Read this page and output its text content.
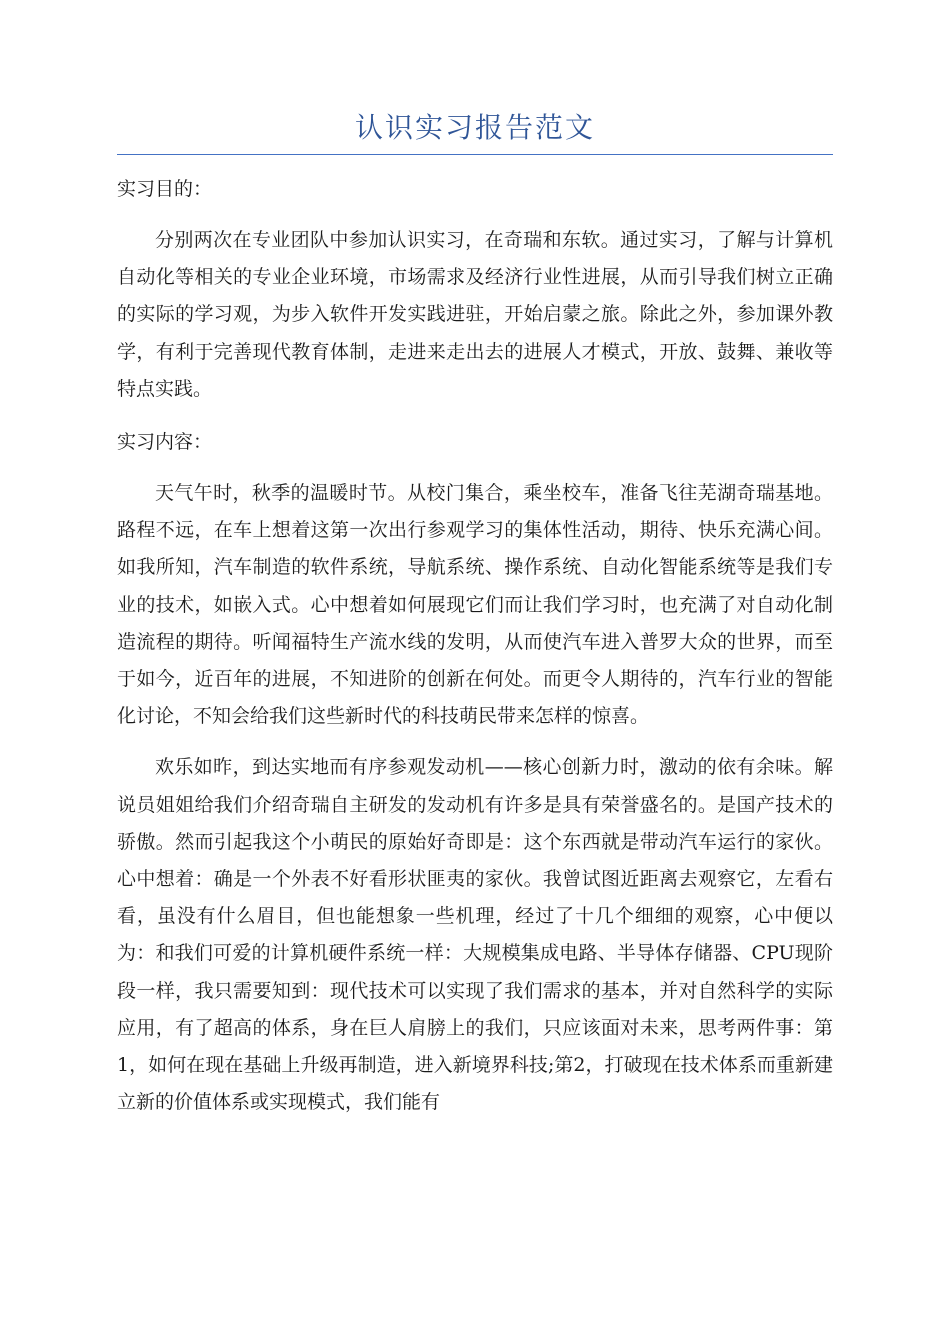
认识实习报告范文

实习目的：

分别两次在专业团队中参加认识实习，在奇瑞和东软。通过实习，了解与计算机自动化等相关的专业企业环境，市场需求及经济行业性进展，从而引导我们树立正确的实际的学习观，为步入软件开发实践进驻，开始启蒙之旅。除此之外，参加课外教学，有利于完善现代教育体制，走进来走出去的进展人才模式，开放、鼓舞、兼收等特点实践。

实习内容：

天气午时，秋季的温暖时节。从校门集合，乘坐校车，准备飞往芜湖奇瑞基地。路程不远，在车上想着这第一次出行参观学习的集体性活动，期待、快乐充满心间。如我所知，汽车制造的软件系统，导航系统、操作系统、自动化智能系统等是我们专业的技术，如嵌入式。心中想着如何展现它们而让我们学习时，也充满了对自动化制造流程的期待。听闻福特生产流水线的发明，从而使汽车进入普罗大众的世界，而至于如今，近百年的进展，不知进阶的创新在何处。而更令人期待的，汽车行业的智能化讨论，不知会给我们这些新时代的科技萌民带来怎样的惊喜。

欢乐如昨，到达实地而有序参观发动机——核心创新力时，激动的依有余味。解说员姐姐给我们介绍奇瑞自主研发的发动机有许多是具有荣誉盛名的。是国产技术的骄傲。然而引起我这个小萌民的原始好奇即是：这个东西就是带动汽车运行的家伙。心中想着：确是一个外表不好看形状匪夷的家伙。我曾试图近距离去观察它，左看右看，虽没有什么眉目，但也能想象一些机理，经过了十几个细细的观察，心中便以为：和我们可爱的计算机硬件系统一样：大规模集成电路、半导体存储器、CPU现阶段一样，我只需要知到：现代技术可以实现了我们需求的基本，并对自然科学的实际应用，有了超高的体系，身在巨人肩膀上的我们，只应该面对未来，思考两件事：第1，如何在现在基础上升级再制造，进入新境界科技;第2，打破现在技术体系而重新建立新的价值体系或实现模式，我们能有
